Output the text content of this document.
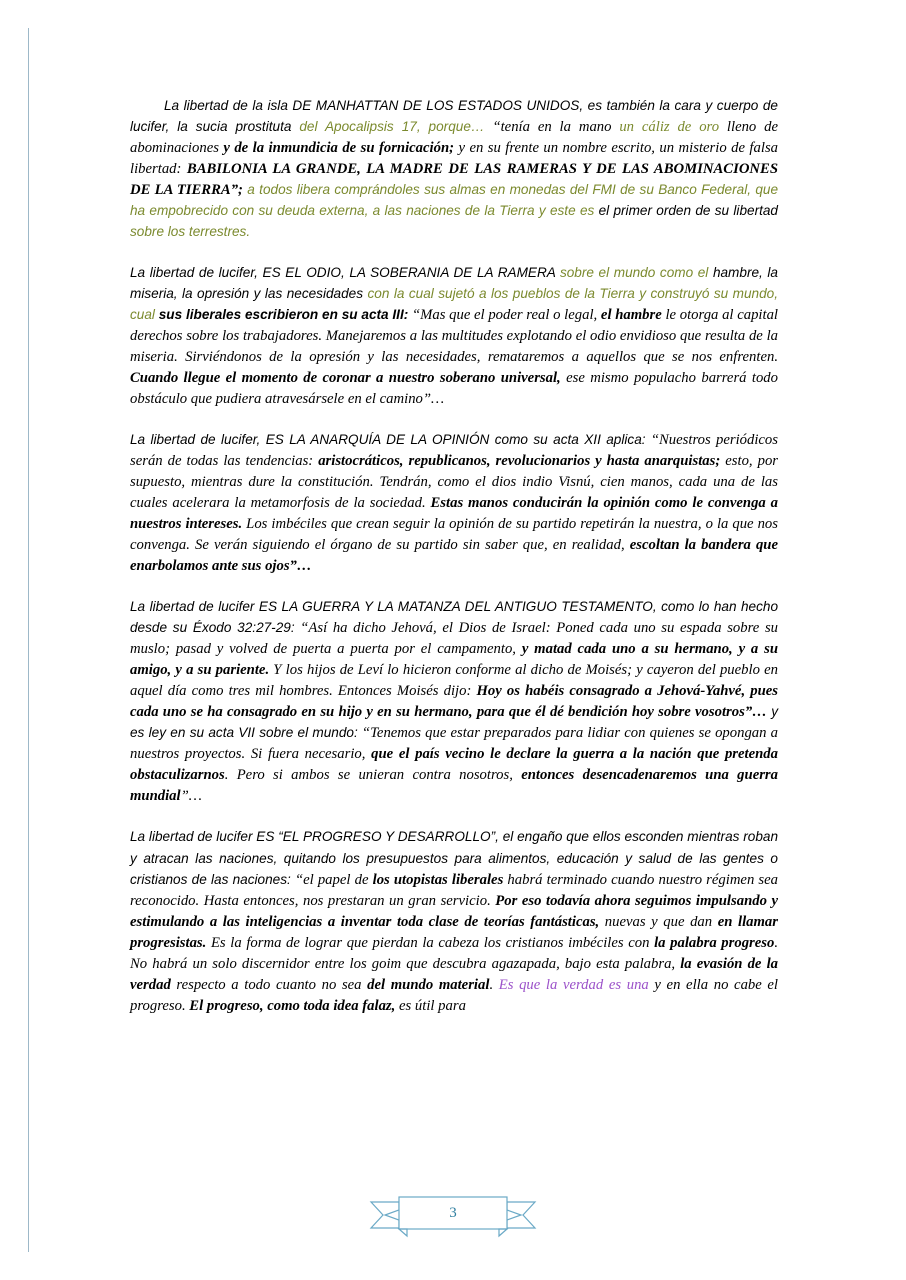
La libertad de la isla DE MANHATTAN DE LOS ESTADOS UNIDOS, es también la cara y cuerpo de lucifer, la sucia prostituta del Apocalipsis 17, porque… “tenía en la mano un cáliz de oro lleno de abominaciones y de la inmundicia de su fornicación; y en su frente un nombre escrito, un misterio de falsa libertad: BABILONIA LA GRANDE, LA MADRE DE LAS RAMERAS Y DE LAS ABOMINACIONES DE LA TIERRA”; a todos libera comprándoles sus almas en monedas del FMI de su Banco Federal, que ha empobrecido con su deuda externa, a las naciones de la Tierra y este es el primer orden de su libertad sobre los terrestres.

La libertad de lucifer, ES EL ODIO, LA SOBERANIA DE LA RAMERA sobre el mundo como el hambre, la miseria, la opresión y las necesidades con la cual sujetó a los pueblos de la Tierra y construyó su mundo, cual sus liberales escribieron en su acta III: “Mas que el poder real o legal, el hambre le otorga al capital derechos sobre los trabajadores. Manejaremos a las multitudes explotando el odio envidioso que resulta de la miseria. Sirviéndonos de la opresión y las necesidades, remataremos a aquellos que se nos enfrenten. Cuando llegue el momento de coronar a nuestro soberano universal, ese mismo populacho barrerá todo obstáculo que pudiera atravesársele en el camino”…

La libertad de lucifer, ES LA ANARQUÍA DE LA OPINIÓN como su acta XII aplica: “Nuestros periódicos serán de todas las tendencias: aristocráticos, republicanos, revolucionarios y hasta anarquistas; esto, por supuesto, mientras dure la constitución. Tendrán, como el dios indio Visnú, cien manos, cada una de las cuales acelerara la metamorfosis de la sociedad. Estas manos conducirán la opinión como le convenga a nuestros intereses. Los imbéciles que crean seguir la opinión de su partido repetirán la nuestra, o la que nos convenga. Se verán siguiendo el órgano de su partido sin saber que, en realidad, escoltan la bandera que enarbolamos ante sus ojos”…

La libertad de lucifer ES LA GUERRA Y LA MATANZA DEL ANTIGUO TESTAMENTO, como lo han hecho desde su Éxodo 32:27-29: “Así ha dicho Jehová, el Dios de Israel: Poned cada uno su espada sobre su muslo; pasad y volved de puerta a puerta por el campamento, y matad cada uno a su hermano, y a su amigo, y a su pariente. Y los hijos de Leví lo hicieron conforme al dicho de Moisés; y cayeron del pueblo en aquel día como tres mil hombres. Entonces Moisés dijo: Hoy os habéis consagrado a Jehová-Yahvé, pues cada uno se ha consagrado en su hijo y en su hermano, para que él dé bendición hoy sobre vosotros”… y es ley en su acta VII sobre el mundo: “Tenemos que estar preparados para lidiar con quienes se opongan a nuestros proyectos. Si fuera necesario, que el país vecino le declare la guerra a la nación que pretenda obstaculizarnos. Pero si ambos se unieran contra nosotros, entonces desencadenaremos una guerra mundial”…

La libertad de lucifer ES “EL PROGRESO Y DESARROLLO”, el engaño que ellos esconden mientras roban y atracan las naciones, quitando los presupuestos para alimentos, educación y salud de las gentes o cristianos de las naciones: “el papel de los utopistas liberales habrá terminado cuando nuestro régimen sea reconocido. Hasta entonces, nos prestaran un gran servicio. Por eso todavía ahora seguimos impulsando y estimulando a las inteligencias a inventar toda clase de teorías fantásticas, nuevas y que dan en llamar progresistas. Es la forma de lograr que pierdan la cabeza los cristianos imbéciles con la palabra progreso. No habrá un solo discernidor entre los goim que descubra agazapada, bajo esta palabra, la evasión de la verdad respecto a todo cuanto no sea del mundo material. Es que la verdad es una y en ella no cabe el progreso. El progreso, como toda idea falaz, es útil para

3
